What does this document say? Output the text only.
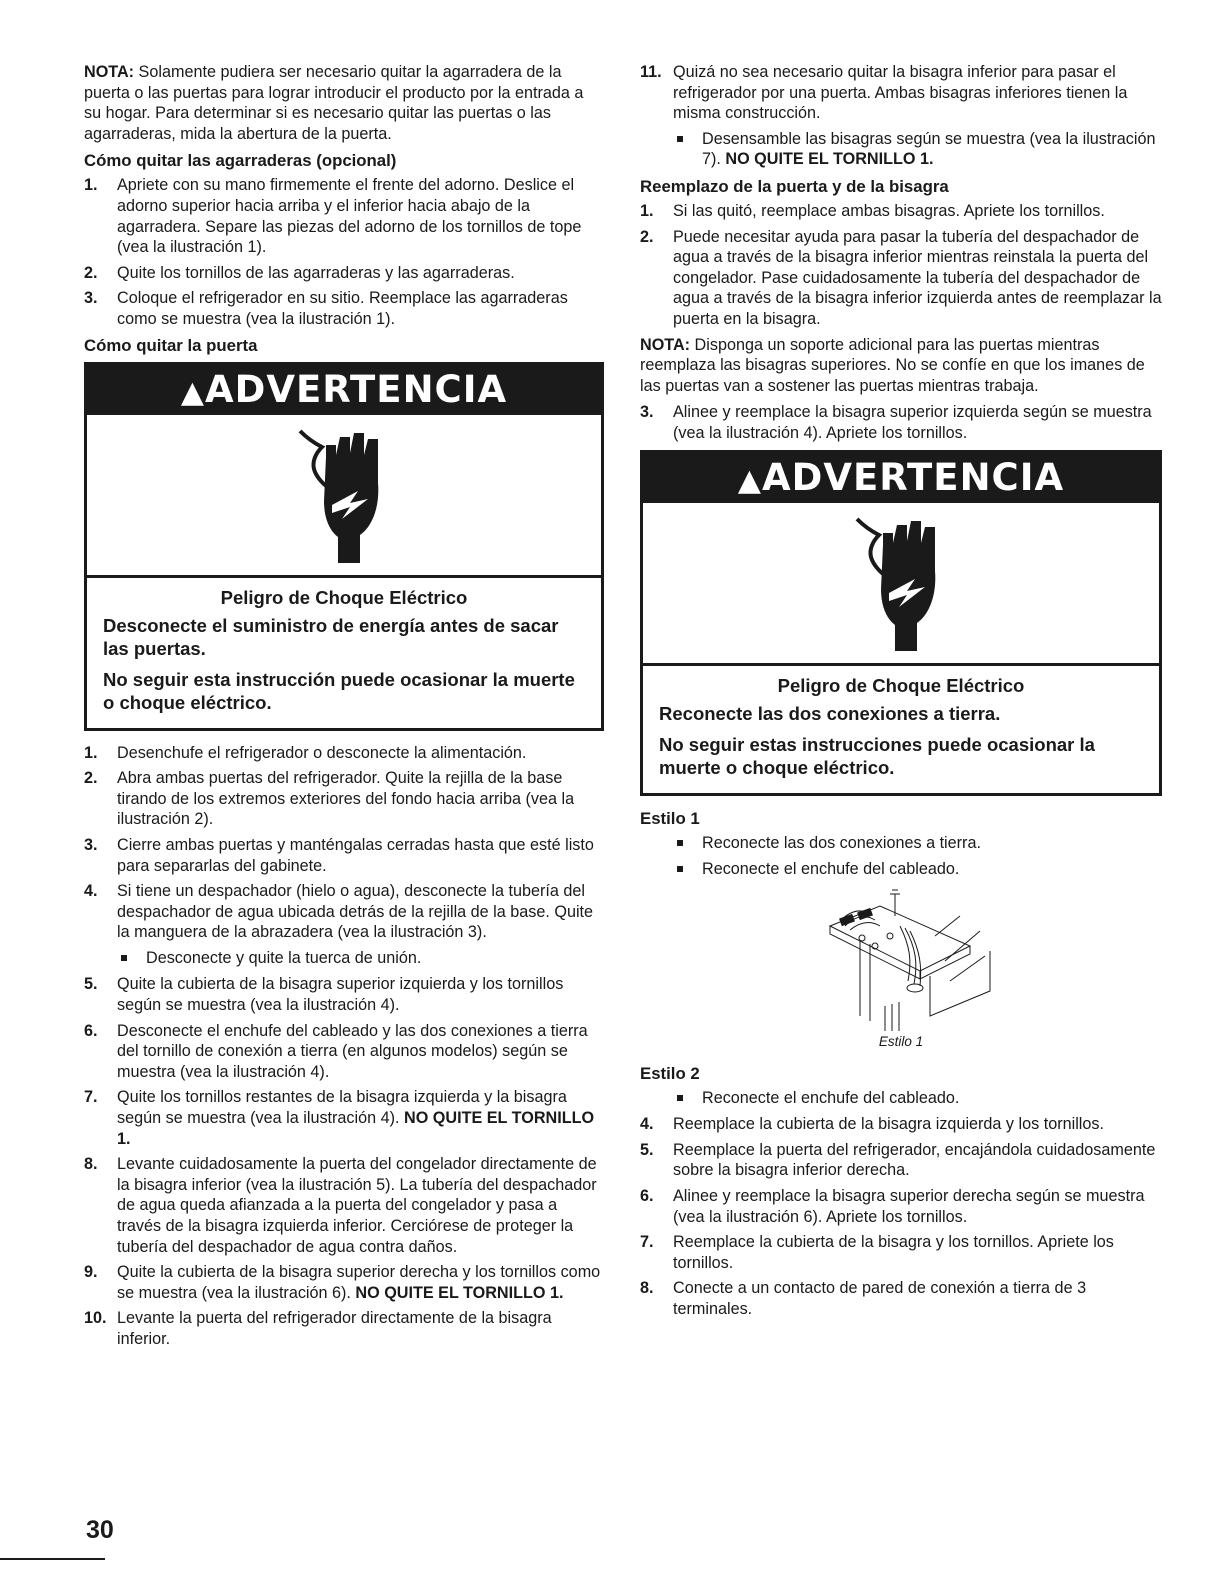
NOTA: Solamente pudiera ser necesario quitar la agarradera de la puerta o las puertas para lograr introducir el producto por la entrada a su hogar. Para determinar si es necesario quitar las puertas o las agarraderas, mida la abertura de la puerta.

Cómo quitar las agarraderas (opcional)
1.	Apriete con su mano firmemente el frente del adorno. Deslice el adorno superior hacia arriba y el inferior hacia abajo de la agarradera. Separe las piezas del adorno de los tornillos de tope (vea la ilustración 1).
2.	Quite los tornillos de las agarraderas y las agarraderas.
3.	Coloque el refrigerador en su sitio. Reemplace las agarraderas como se muestra (vea la ilustración 1).
Cómo quitar la puerta
▲ADVERTENCIA
Peligro de Choque Eléctrico
Desconecte el suministro de energía antes de sacar las puertas.
No seguir esta instrucción puede ocasionar la muerte o choque eléctrico.
1.	Desenchufe el refrigerador o desconecte la alimentación.
2.	Abra ambas puertas del refrigerador. Quite la rejilla de la base tirando de los extremos exteriores del fondo hacia arriba (vea la ilustración 2).
3.	Cierre ambas puertas y manténgalas cerradas hasta que esté listo para separarlas del gabinete.
4.	Si tiene un despachador (hielo o agua), desconecte la tubería del despachador de agua ubicada detrás de la rejilla de la base. Quite la manguera de la abrazadera (vea la ilustración 3).
Desconecte y quite la tuerca de unión.
5.	Quite la cubierta de la bisagra superior izquierda y los tornillos según se muestra (vea la ilustración 4).
6.	Desconecte el enchufe del cableado y las dos conexiones a tierra del tornillo de conexión a tierra (en algunos modelos) según se muestra (vea la ilustración 4).
7.	Quite los tornillos restantes de la bisagra izquierda y la bisagra según se muestra (vea la ilustración 4). NO QUITE EL TORNILLO 1.
8.	Levante cuidadosamente la puerta del congelador directamente de la bisagra inferior (vea la ilustración 5). La tubería del despachador de agua queda afianzada a la puerta del congelador y pasa a través de la bisagra izquierda inferior. Cerciórese de proteger la tubería del despachador de agua contra daños.
9.	Quite la cubierta de la bisagra superior derecha y los tornillos como se muestra (vea la ilustración 6). NO QUITE EL TORNILLO 1.
10. Levante la puerta del refrigerador directamente de la bisagra inferior.
11. Quizá no sea necesario quitar la bisagra inferior para pasar el refrigerador por una puerta. Ambas bisagras inferiores tienen la misma construcción.
Desensamble las bisagras según se muestra (vea la ilustración 7). NO QUITE EL TORNILLO 1.
Reemplazo de la puerta y de la bisagra
1.	Si las quitó, reemplace ambas bisagras. Apriete los tornillos.
2.	Puede necesitar ayuda para pasar la tubería del despachador de agua a través de la bisagra inferior mientras reinstala la puerta del congelador. Pase cuidadosamente la tubería del despachador de agua a través de la bisagra inferior izquierda antes de reemplazar la puerta en la bisagra.

NOTA: Disponga un soporte adicional para las puertas mientras reemplaza las bisagras superiores. No se confíe en que los imanes de las puertas van a sostener las puertas mientras trabaja.

3.	Alinee y reemplace la bisagra superior izquierda según se muestra (vea la ilustración 4). Apriete los tornillos.
▲ADVERTENCIA
Peligro de Choque Eléctrico
Reconecte las dos conexiones a tierra.
No seguir estas instrucciones puede ocasionar la muerte o choque eléctrico.
Estilo 1
Reconecte las dos conexiones a tierra.
Reconecte el enchufe del cableado.
Estilo 1
Estilo 2
Reconecte el enchufe del cableado.
4.	Reemplace la cubierta de la bisagra izquierda y los tornillos.
5.	Reemplace la puerta del refrigerador, encajándola cuidadosamente sobre la bisagra inferior derecha.
6.	Alinee y reemplace la bisagra superior derecha según se muestra (vea la ilustración 6). Apriete los tornillos.
7.	Reemplace la cubierta de la bisagra y los tornillos. Apriete los tornillos.
8.	Conecte a un contacto de pared de conexión a tierra de 3 terminales.
30
